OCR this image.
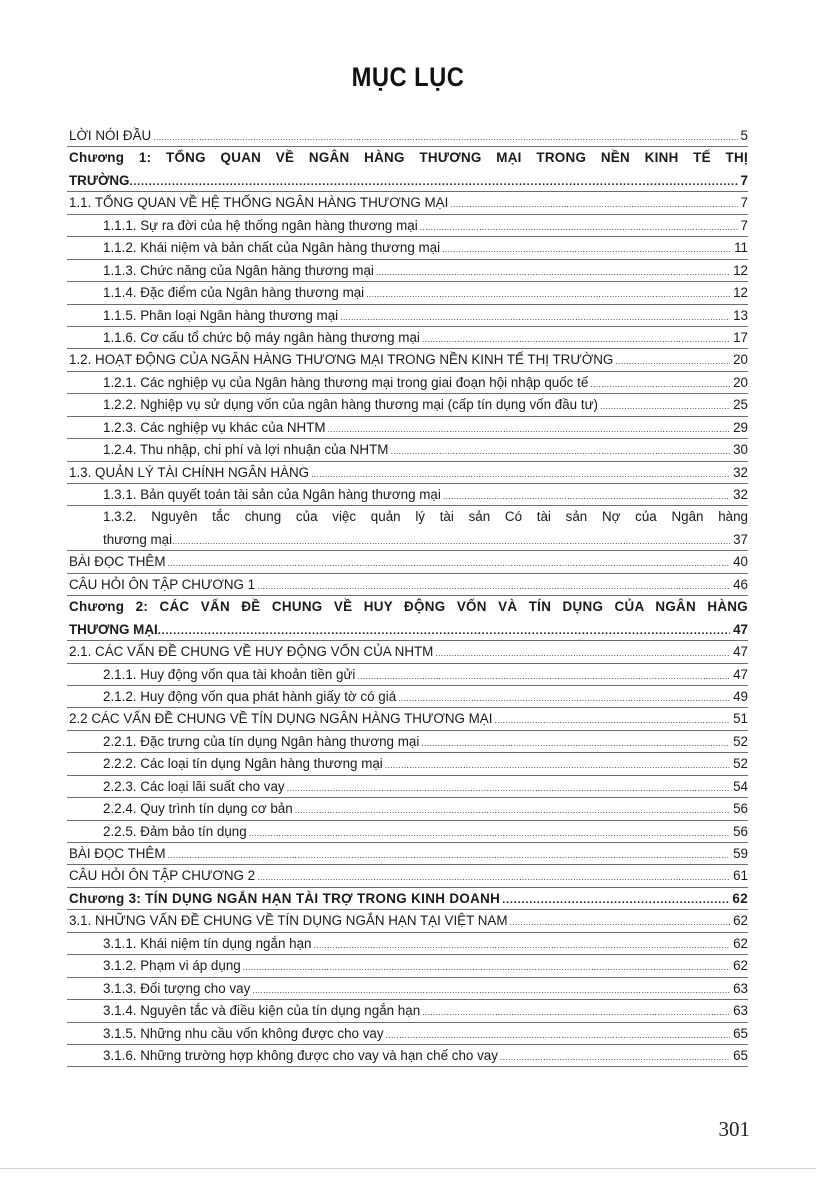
MỤC LỤC
LỜI NÓI ĐẦU .....	5
Chương 1: TỔNG QUAN VỀ NGÂN HÀNG THƯƠNG MẠI TRONG NỀN KINH TẾ THỊ
TRƯỜNG .....	7
1.1. TỔNG QUAN VỀ HỆ THỐNG NGÂN HÀNG THƯƠNG MẠI .....	7
1.1.1. Sự ra đời của hệ thống ngân hàng thương mại .....	7
1.1.2. Khái niệm và bản chất của Ngân hàng thương mại .....	11
1.1.3. Chức năng của Ngân hàng thương mại .....	12
1.1.4. Đặc điểm của Ngân hàng thương mại .....	12
1.1.5. Phân loại Ngân hàng thương mại .....	13
1.1.6. Cơ cấu tổ chức bộ máy ngân hàng thương mại .....	17
1.2. HOẠT ĐỘNG CỦA NGÂN HÀNG THƯƠNG MẠI TRONG NỀN KINH TẾ THỊ TRƯỜNG .....	20
1.2.1. Các nghiệp vụ của Ngân hàng thương mại trong giai đoạn hội nhập quốc tế .....	20
1.2.2. Nghiệp vụ sử dụng vốn của ngân hàng thương mại (cấp tín dụng vốn đầu tư) .....	25
1.2.3. Các nghiệp vụ khác của NHTM .....	29
1.2.4. Thu nhập, chi phí và lợi nhuận của NHTM .....	30
1.3. QUẢN LÝ TÀI CHÍNH NGÂN HÀNG .....	32
1.3.1. Bản quyết toán tài sản của Ngân hàng thương mại .....	32
1.3.2. Nguyên tắc chung của việc quản lý tài sản Có tài sản Nợ của Ngân hàng
thương mại .....	37
BÀI ĐỌC THÊM .....	40
CÂU HỎI ÔN TẬP CHƯƠNG 1 .....	46
Chương 2: CÁC VẤN ĐỀ CHUNG VỀ HUY ĐỘNG VỐN VÀ TÍN DỤNG CỦA NGÂN HÀNG
THƯƠNG MẠI .....	47
2.1. CÁC VẤN ĐỀ CHUNG VỀ HUY ĐỘNG VỐN CỦA NHTM .....	47
2.1.1. Huy động vốn qua tài khoản tiền gửi .....	47
2.1.2. Huy động vốn qua phát hành giấy tờ có giá .....	49
2.2 CÁC VẤN ĐỀ CHUNG VỀ TÍN DỤNG NGÂN HÀNG THƯƠNG MẠI .....	51
2.2.1. Đặc trưng của tín dụng Ngân hàng thương mại .....	52
2.2.2. Các loại tín dụng Ngân hàng thương mại .....	52
2.2.3. Các loại lãi suất cho vay .....	54
2.2.4. Quy trình tín dụng cơ bản .....	56
2.2.5. Đảm bảo tín dụng .....	56
BÀI ĐỌC THÊM .....	59
CÂU HỎI ÔN TẬP CHƯƠNG 2 .....	61
Chương 3: TÍN DỤNG NGẮN HẠN TÀI TRỢ TRONG KINH DOANH .....	62
3.1. NHỮNG VẤN ĐỀ CHUNG VỀ TÍN DỤNG NGẮN HẠN TẠI VIỆT NAM .....	62
3.1.1. Khái niệm tín dụng ngắn hạn .....	62
3.1.2. Phạm vi áp dụng .....	62
3.1.3. Đối tượng cho vay .....	63
3.1.4. Nguyên tắc và điều kiện của tín dụng ngắn hạn .....	63
3.1.5. Những nhu cầu vốn không được cho vay .....	65
3.1.6. Những trường hợp không được cho vay và hạn chế cho vay .....	65
301
